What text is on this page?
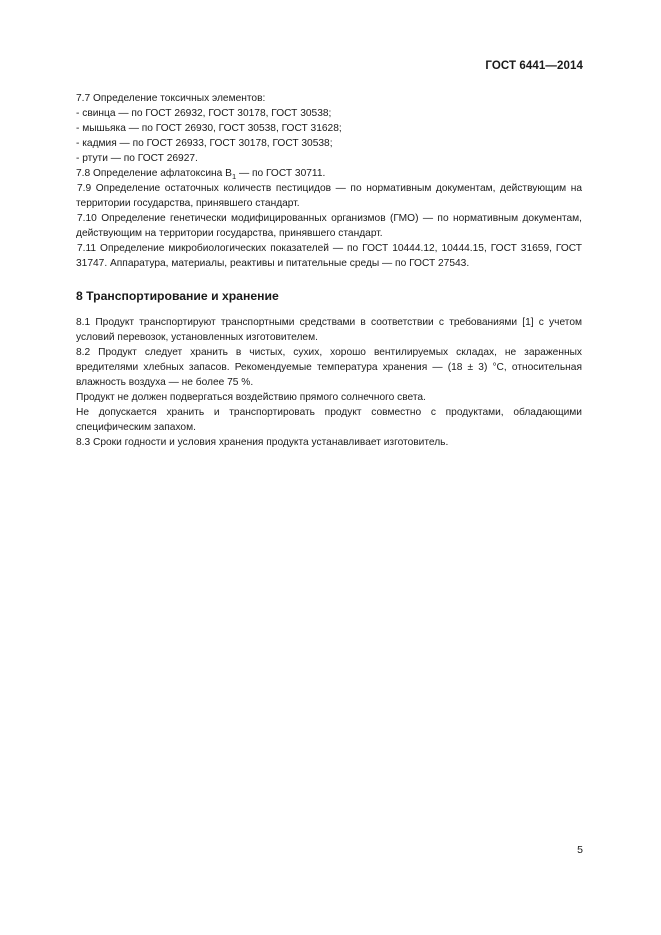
ГОСТ 6441—2014

7.7 Определение токсичных элементов:

- свинца — по ГОСТ 26932, ГОСТ 30178, ГОСТ 30538;

- мышьяка — по ГОСТ 26930, ГОСТ 30538, ГОСТ 31628;

- кадмия — по ГОСТ 26933, ГОСТ 30178, ГОСТ 30538;

- ртути — по ГОСТ 26927.

7.8 Определение афлатоксина $B_1$ — по ГОСТ 30711.

7.9 Определение остаточных количеств пестицидов — по нормативным документам, действующим на территории государства, принявшего стандарт.

7.10 Определение генетически модифицированных организмов (ГМО) — по нормативным документам, действующим на территории государства, принявшего стандарт.

7.11 Определение микробиологических показателей — по ГОСТ 10444.12, 10444.15, ГОСТ 31659, ГОСТ 31747. Аппаратура, материалы, реактивы и питательные среды — по ГОСТ 27543.

8 Транспортирование и хранение

8.1 Продукт транспортируют транспортными средствами в соответствии с требованиями [1] с учетом условий перевозок, установленных изготовителем.

8.2 Продукт следует хранить в чистых, сухих, хорошо вентилируемых складах, не зараженных вредителями хлебных запасов. Рекомендуемые температура хранения — (18 ± 3) °С, относительная влажность воздуха — не более 75 %.

Продукт не должен подвергаться воздействию прямого солнечного света.

Не допускается хранить и транспортировать продукт совместно с продуктами, обладающими специфическим запахом.

8.3 Сроки годности и условия хранения продукта устанавливает изготовитель.

5
